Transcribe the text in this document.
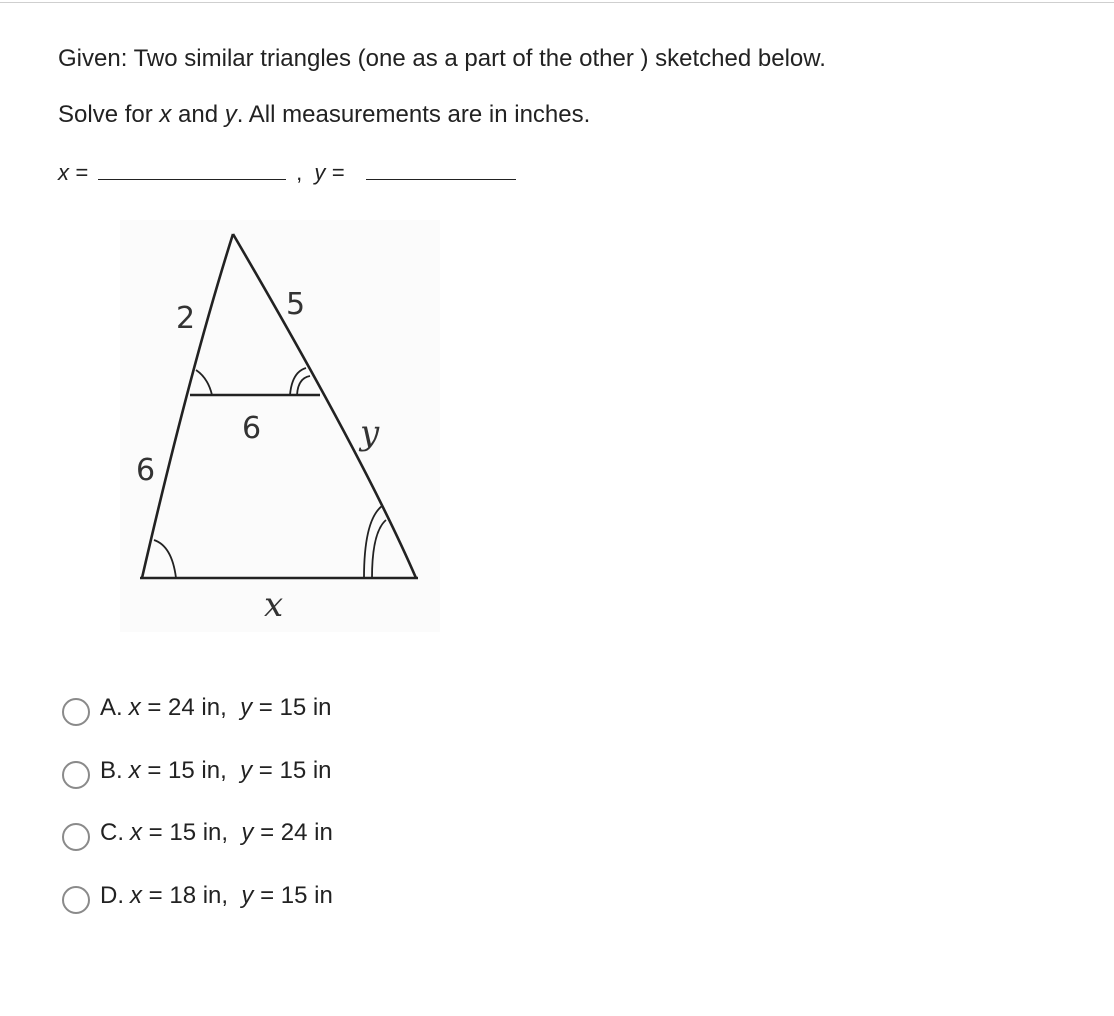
Given: Two similar triangles (one as a part of the other ) sketched below.
Solve for x and y. All measurements are in inches.
x =	, y =
2	5
6
6
y
x
A. x = 24 in, y = 15 in
B. x = 15 in, y = 15 in
C. x = 15 in, y = 24 in
D. x = 18 in, y = 15 in
